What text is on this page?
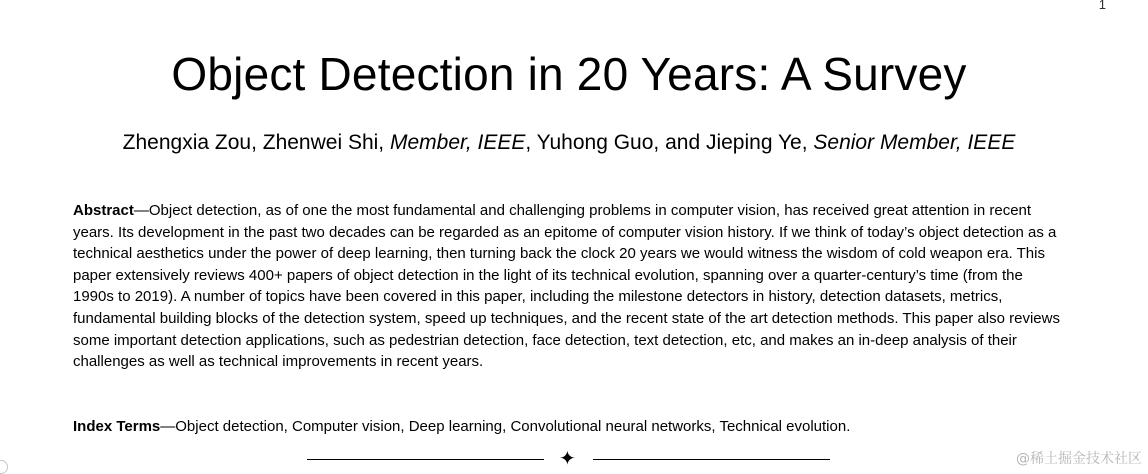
1
Object Detection in 20 Years: A Survey

Zhengxia Zou, Zhenwei Shi, Member, IEEE, Yuhong Guo, and Jieping Ye, Senior Member, IEEE

Abstract—Object detection, as of one the most fundamental and challenging problems in computer vision, has received great attention in recent years. Its development in the past two decades can be regarded as an epitome of computer vision history. If we think of today’s object detection as a technical aesthetics under the power of deep learning, then turning back the clock 20 years we would witness the wisdom of cold weapon era. This paper extensively reviews 400+ papers of object detection in the light of its technical evolution, spanning over a quarter-century’s time (from the 1990s to 2019). A number of topics have been covered in this paper, including the milestone detectors in history, detection datasets, metrics, fundamental building blocks of the detection system, speed up techniques, and the recent state of the art detection methods. This paper also reviews some important detection applications, such as pedestrian detection, face detection, text detection, etc, and makes an in-deep analysis of their challenges as well as technical improvements in recent years.

Index Terms—Object detection, Computer vision, Deep learning, Convolutional neural networks, Technical evolution.

✦	@稀土掘金技术社区
